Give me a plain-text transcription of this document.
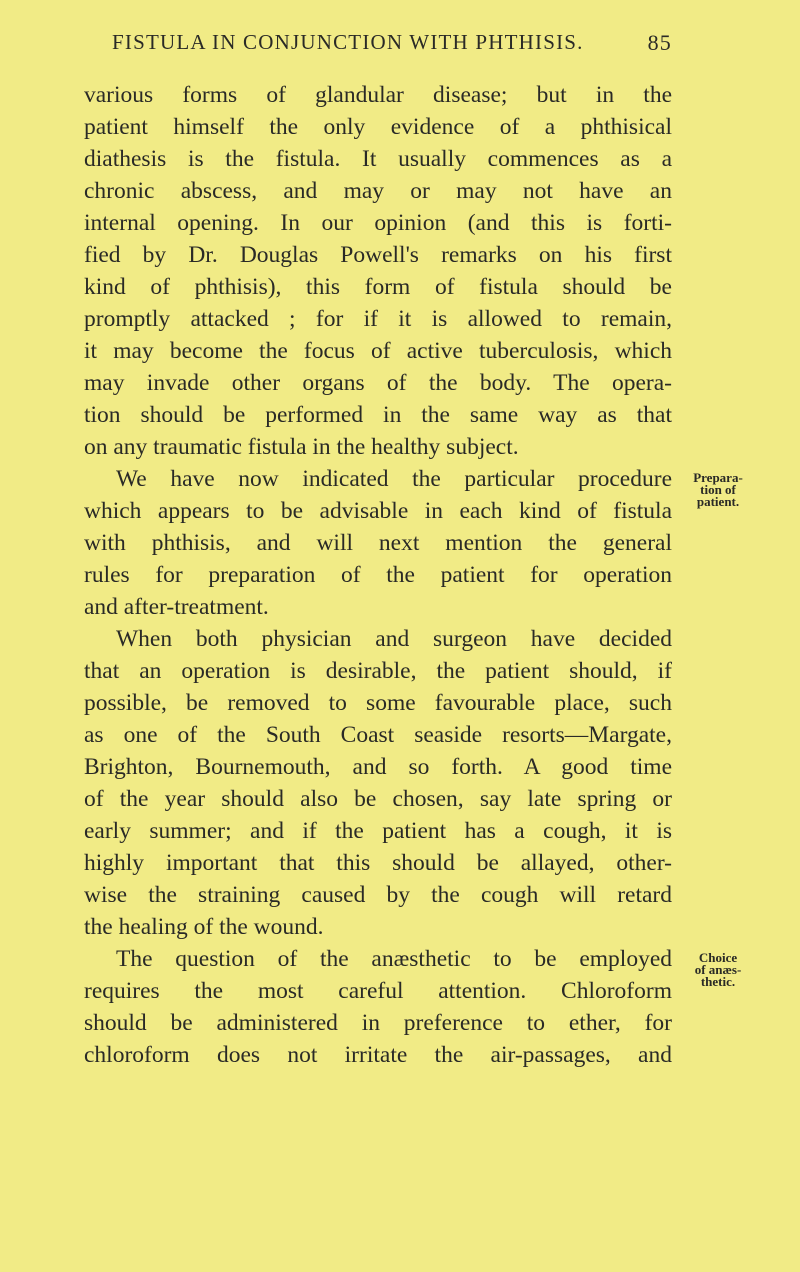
FISTULA IN CONJUNCTION WITH PHTHISIS.	85
various forms of glandular disease; but in the
patient himself the only evidence of a phthisical
diathesis is the fistula. It usually commences as a
chronic abscess, and may or may not have an
internal opening. In our opinion (and this is forti-
fied by Dr. Douglas Powell's remarks on his first
kind of phthisis), this form of fistula should be
promptly attacked ; for if it is allowed to remain,
it may become the focus of active tuberculosis, which
may invade other organs of the body. The opera-
tion should be performed in the same way as that
on any traumatic fistula in the healthy subject.
We have now indicated the particular procedure
which appears to be advisable in each kind of fistula
with phthisis, and will next mention the general
rules for preparation of the patient for operation
and after-treatment.
When both physician and surgeon have decided
that an operation is desirable, the patient should, if
possible, be removed to some favourable place, such
as one of the South Coast seaside resorts—Margate,
Brighton, Bournemouth, and so forth. A good time
of the year should also be chosen, say late spring or
early summer; and if the patient has a cough, it is
highly important that this should be allayed, other-
wise the straining caused by the cough will retard
the healing of the wound.
The question of the anæsthetic to be employed
requires the most careful attention. Chloroform
should be administered in preference to ether, for
chloroform does not irritate the air-passages, and
Prepara-
tion of
patient.
Choice
of anæs-
thetic.
